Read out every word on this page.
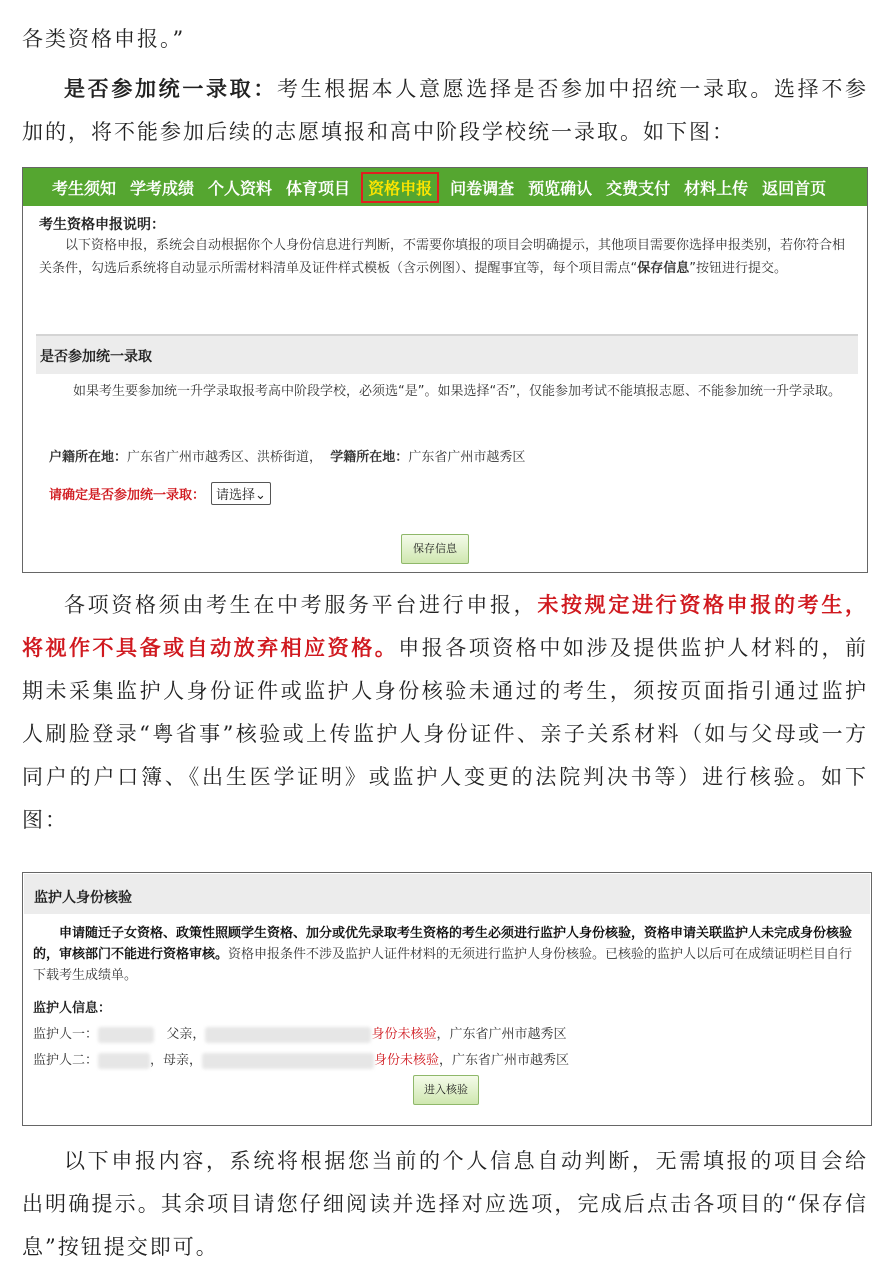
各类资格申报。”

是否参加统一录取：考生根据本人意愿选择是否参加中招统一录取。选择不参加的，将不能参加后续的志愿填报和高中阶段学校统一录取。如下图：

考生须知 学考成绩 个人资料 体育项目	资格申报	问卷调查 预览确认 交费支付 材料上传 返回首页
考生资格申报说明：

以下资格申报，系统会自动根据你个人身份信息进行判断，不需要你填报的项目会明确提示，其他项目需要你选择申报类别，若你符合相关条件，勾选后系统将自动显示所需材料清单及证件样式模板（含示例图）、提醒事宜等，每个项目需点“保存信息”按钮进行提交。

是否参加统一录取

如果考生要参加统一升学录取报考高中阶段学校，必须选“是”。如果选择“否”，仅能参加考试不能填报志愿、不能参加统一升学录取。

户籍所在地：广东省广州市越秀区、洪桥街道， 学籍所在地：广东省广州市越秀区
请确定是否参加统一录取： 请选择⌄
保存信息

各项资格须由考生在中考服务平台进行申报，未按规定进行资格申报的考生，将视作不具备或自动放弃相应资格。申报各项资格中如涉及提供监护人材料的，前期未采集监护人身份证件或监护人身份核验未通过的考生，须按页面指引通过监护人刷脸登录“粤省事”核验或上传监护人身份证件、亲子关系材料（如与父母或一方同户的户口簿、《出生医学证明》或监护人变更的法院判决书等）进行核验。如下图：

监护人身份核验

申请随迁子女资格、政策性照顾学生资格、加分或优先录取考生资格的考生必须进行监护人身份核验，资格申请关联监护人未完成身份核验的，审核部门不能进行资格审核。资格申报条件不涉及监护人证件材料的无须进行监护人身份核验。已核验的监护人以后可在成绩证明栏目自行下载考生成绩单。

监护人信息：
监护人一：	父亲，	身份未核验，广东省广州市越秀区
监护人二：	，母亲，	身份未核验，广东省广州市越秀区
进入核验

以下申报内容，系统将根据您当前的个人信息自动判断，无需填报的项目会给出明确提示。其余项目请您仔细阅读并选择对应选项，完成后点击各项目的“保存信息”按钮提交即可。
